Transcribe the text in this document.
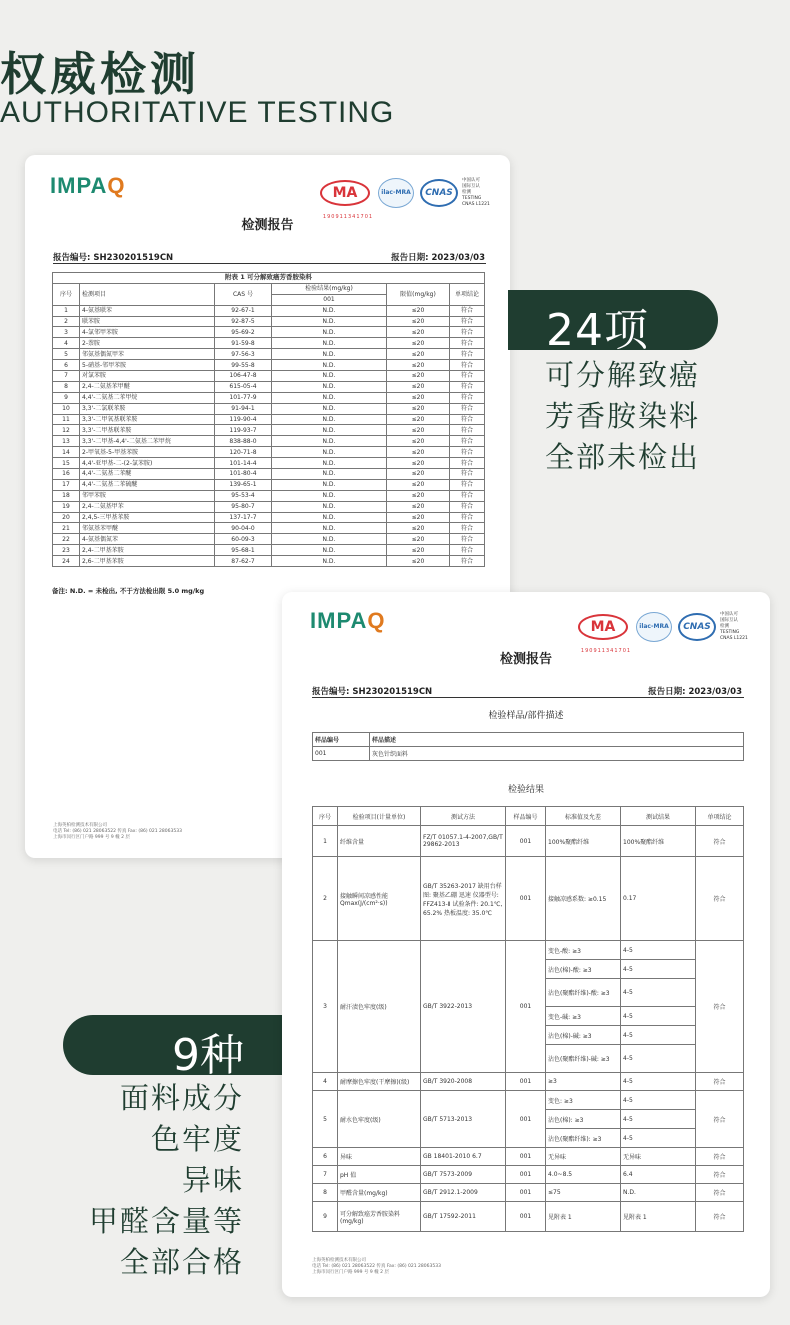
权威检测
AUTHORITATIVE TESTING
IMPAQ	MA
190911341701
ilac-MRA	CNAS
中国认可
国际互认
检测
TESTING
CNAS L1221
检测报告
报告编号: SH230201519CN	报告日期: 2023/03/03
附表 1 可分解致癌芳香胺染料					
序号	检测项目	CAS 号	检验结果(mg/kg)	限值(mg/kg)	单项结论
			001		
1	4-氨基联苯	92-67-1	N.D.	≤20	符合
2	联苯胺	92-87-5	N.D.	≤20	符合
3	4-氯邻甲苯胺	95-69-2	N.D.	≤20	符合
4	2-萘胺	91-59-8	N.D.	≤20	符合
5	邻氨基偶氮甲苯	97-56-3	N.D.	≤20	符合
6	5-硝基-邻甲苯胺	99-55-8	N.D.	≤20	符合
7	对氯苯胺	106-47-8	N.D.	≤20	符合
8	2,4-二氨基苯甲醚	615-05-4	N.D.	≤20	符合
9	4,4'-二氨基二苯甲烷	101-77-9	N.D.	≤20	符合
10	3,3'-二氯联苯胺	91-94-1	N.D.	≤20	符合
11	3,3'-二甲氧基联苯胺	119-90-4	N.D.	≤20	符合
12	3,3'-二甲基联苯胺	119-93-7	N.D.	≤20	符合
13	3,3'-二甲基-4,4'-二氨基二苯甲烷	838-88-0	N.D.	≤20	符合
14	2-甲氧基-5-甲基苯胺	120-71-8	N.D.	≤20	符合
15	4,4'-亚甲基-二-(2-氯苯胺)	101-14-4	N.D.	≤20	符合
16	4,4'-二氨基二苯醚	101-80-4	N.D.	≤20	符合
17	4,4'-二氨基二苯硫醚	139-65-1	N.D.	≤20	符合
18	邻甲苯胺	95-53-4	N.D.	≤20	符合
19	2,4-二氨基甲苯	95-80-7	N.D.	≤20	符合
20	2,4,5-三甲基苯胺	137-17-7	N.D.	≤20	符合
21	邻氨基苯甲醚	90-04-0	N.D.	≤20	符合
22	4-氨基偶氮苯	60-09-3	N.D.	≤20	符合
23	2,4-二甲基苯胺	95-68-1	N.D.	≤20	符合
24	2,6-二甲基苯胺	87-62-7	N.D.	≤20	符合
备注: N.D. = 未检出, 不于方法检出限 5.0 mg/kg
上海英柏检测技术有限公司
电话 Tel: (86) 021 28063522 传真 Fax: (86) 021 28063533
上海市闵行区门户路 999 号 9 幢 2 层
24项
可分解致癌
芳香胺染料
全部未检出
9种
面料成分
色牢度
异味
甲醛含量等
全部合格
IMPAQ	MA
190911341701
ilac-MRA	CNAS
中国认可
国际互认
检测
TESTING
CNAS L1221
检测报告
报告编号: SH230201519CN	报告日期: 2023/03/03
检验样品/部件描述
样品编号	样品描述
001	灰色针织面料
检验结果
序号	检验项目(计量单位)	测试方法	样品编号	标准值及允差	测试结果	单项结论
1	纤维含量	FZ/T 01057.1-4-2007,GB/T 29862-2013	001	100%聚酯纤维	100%聚酯纤维	符合
2	接触瞬间凉感性能Qmax(J/(cm²·s))	GB/T 35263-2017 缺用台样图: 聚基乙硼 迅速 仪器型号: FFZ413-Ⅱ 试验条件: 20.1℃, 65.2% 热板温度: 35.0℃	001	接触凉感系数: ≥0.15	0.17	符合
3	耐汗渍色牢度(级)	GB/T 3922-2013	001	变色-酸: ≥3	4-5	符合
				沾色(棉)-酸: ≥3	4-5	
				沾色(聚酯纤维)-酸: ≥3	4-5	
				变色-碱: ≥3	4-5	
				沾色(棉)-碱: ≥3	4-5	
				沾色(聚酯纤维)-碱: ≥3	4-5	
4	耐摩擦色牢度(干摩擦)(级)	GB/T 3920-2008	001	≥3	4-5	符合
5	耐水色牢度(级)	GB/T 5713-2013	001	变色: ≥3	4-5	符合
				沾色(棉): ≥3	4-5	
				沾色(聚酯纤维): ≥3	4-5	
6	异味	GB 18401-2010 6.7	001	无异味	无异味	符合
7	pH 值	GB/T 7573-2009	001	4.0~8.5	6.4	符合
8	甲醛含量(mg/kg)	GB/T 2912.1-2009	001	≤75	N.D.	符合
9	可分解致癌芳香胺染料(mg/kg)	GB/T 17592-2011	001	见附表 1	见附表 1	符合
上海英柏检测技术有限公司
电话 Tel: (86) 021 28063522 传真 Fax: (86) 021 28063533
上海市闵行区门户路 999 号 9 幢 2 层
